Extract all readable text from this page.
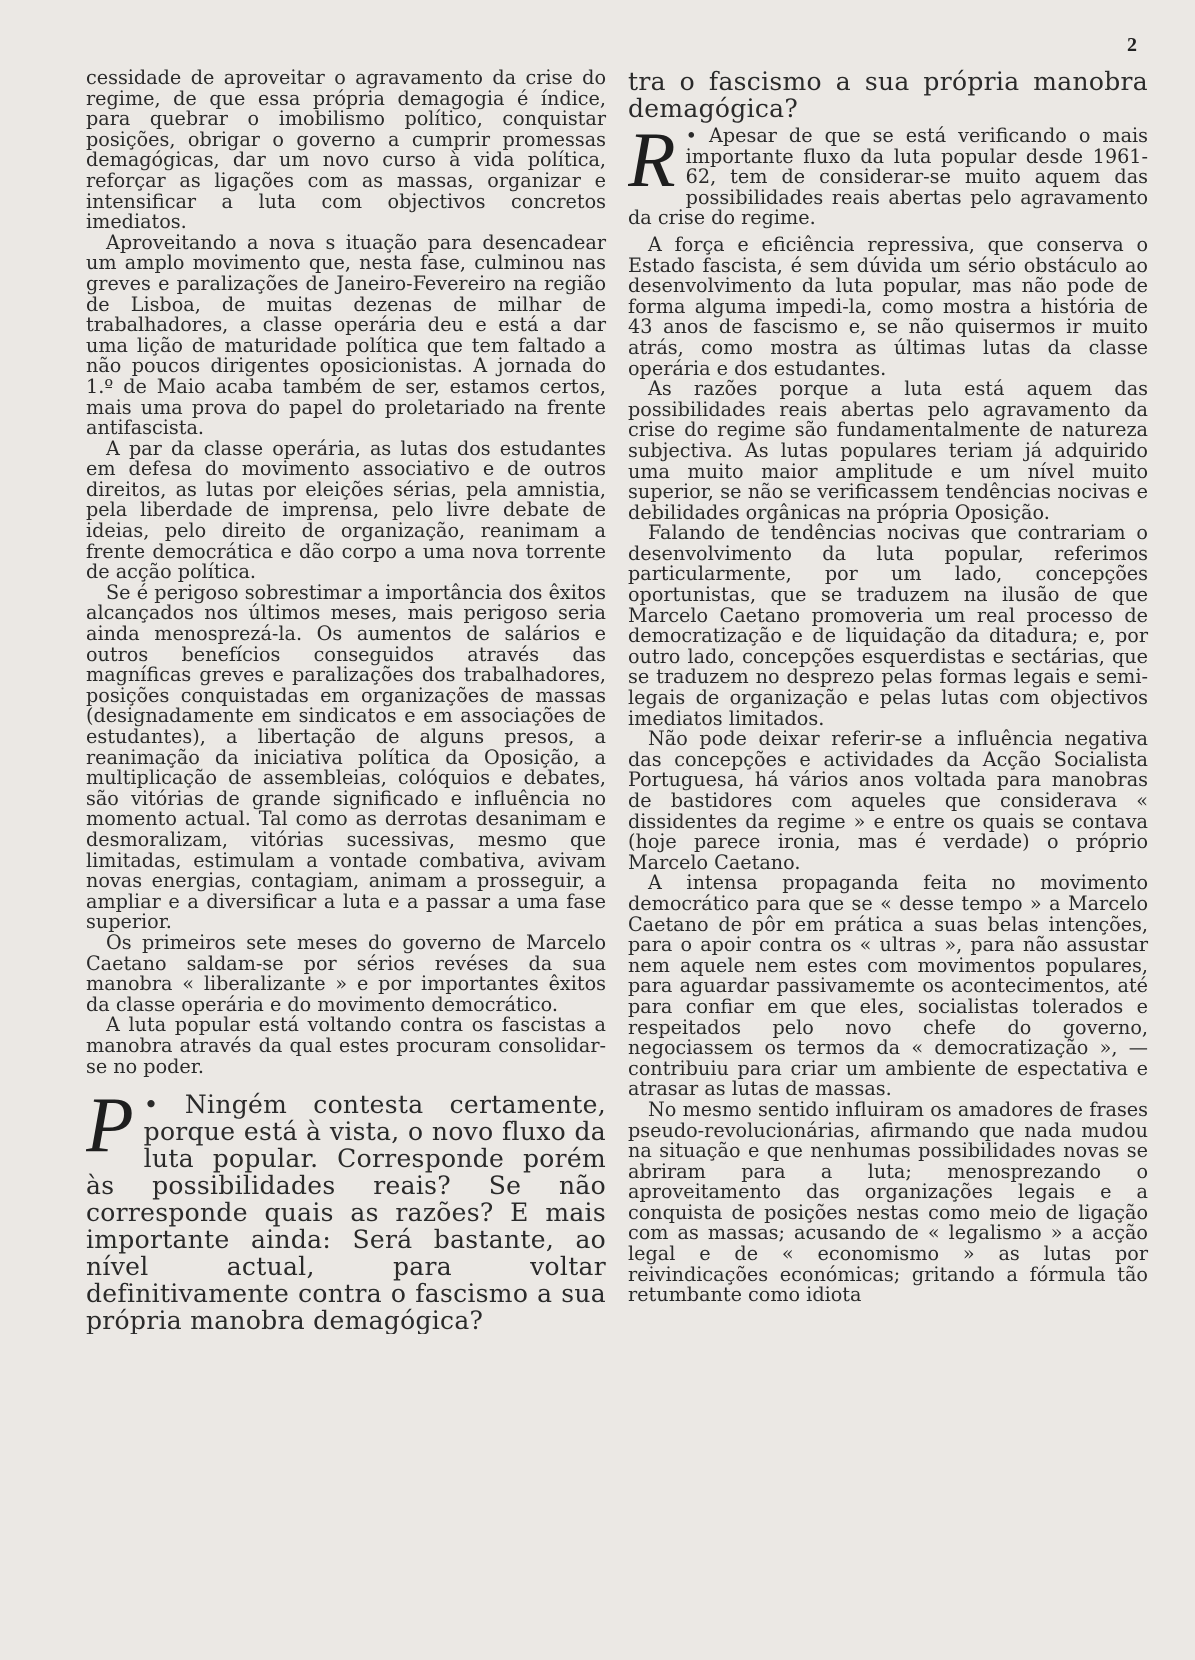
2

cessidade de aproveitar o agravamento da crise do regime, de que essa própria demagogia é índice, para quebrar o imobilismo político, conquistar posições, obrigar o governo a cumprir promessas demagógicas, dar um novo curso à vida política, reforçar as ligações com as massas, organizar e intensificar a luta com objectivos concretos imediatos.

Aproveitando a nova s ituação para desencadear um amplo movimento que, nesta fase, culminou nas greves e paralizações de Janeiro-Fevereiro na região de Lisboa, de muitas dezenas de milhar de trabalhadores, a classe operária deu e está a dar uma lição de maturidade política que tem faltado a não poucos dirigentes oposicionistas. A jornada do 1.º de Maio acaba também de ser, estamos certos, mais uma prova do papel do proletariado na frente antifascista.

A par da classe operária, as lutas dos estudantes em defesa do movimento associativo e de outros direitos, as lutas por eleições sérias, pela amnistia, pela liberdade de imprensa, pelo livre debate de ideias, pelo direito de organização, reanimam a frente democrática e dão corpo a uma nova torrente de acção política.

Se é perigoso sobrestimar a importância dos êxitos alcançados nos últimos meses, mais perigoso seria ainda menosprezá-la. Os aumentos de salários e outros benefícios conseguidos através das magníficas greves e paralizações dos trabalhadores, posições conquistadas em organizações de massas (designadamente em sindicatos e em associações de estudantes), a libertação de alguns presos, a reanimação da iniciativa política da Oposição, a multiplicação de assembleias, colóquios e debates, são vitórias de grande significado e influência no momento actual. Tal como as derrotas desanimam e desmoralizam, vitórias sucessivas, mesmo que limitadas, estimulam a vontade combativa, avivam novas energias, contagiam, animam a prosseguir, a ampliar e a diversificar a luta e a passar a uma fase superior.

Os primeiros sete meses do governo de Marcelo Caetano saldam-se por sérios revéses da sua manobra « liberalizante » e por importantes êxitos da classe operária e do movimento democrático.

A luta popular está voltando contra os fascistas a manobra através da qual estes procuram consolidar-se no poder.

P • Ningém contesta certamente, porque está à vista, o novo fluxo da luta popular. Corresponde porém às possibilidades reais? Se não corresponde quais as razões? E mais importante ainda: Será bastante, ao nível actual, para voltar definitivamente contra o fascismo a sua própria manobra demagógica?

tra o fascismo a sua própria manobra demagógica?

R • Apesar de que se está verificando o mais importante fluxo da luta popular desde 1961-62, tem de considerar-se muito aquem das possibilidades reais abertas pelo agravamento da crise do regime.

A força e eficiência repressiva, que conserva o Estado fascista, é sem dúvida um sério obstáculo ao desenvolvimento da luta popular, mas não pode de forma alguma impedi-la, como mostra a história de 43 anos de fascismo e, se não quisermos ir muito atrás, como mostra as últimas lutas da classe operária e dos estudantes.

As razões porque a luta está aquem das possibilidades reais abertas pelo agravamento da crise do regime são fundamentalmente de natureza subjectiva. As lutas populares teriam já adquirido uma muito maior amplitude e um nível muito superior, se não se verificassem tendências nocivas e debilidades orgânicas na própria Oposição.

Falando de tendências nocivas que contrariam o desenvolvimento da luta popular, referimos particularmente, por um lado, concepções oportunistas, que se traduzem na ilusão de que Marcelo Caetano promoveria um real processo de democratização e de liquidação da ditadura; e, por outro lado, concepções esquerdistas e sectárias, que se traduzem no desprezo pelas formas legais e semi-legais de organização e pelas lutas com objectivos imediatos limitados.

Não pode deixar referir-se a influência negativa das concepções e actividades da Acção Socialista Portuguesa, há vários anos voltada para manobras de bastidores com aqueles que considerava « dissidentes da regime » e entre os quais se contava (hoje parece ironia, mas é verdade) o próprio Marcelo Caetano.

A intensa propaganda feita no movimento democrático para que se « desse tempo » a Marcelo Caetano de pôr em prática a suas belas intenções, para o apoir contra os « ultras », para não assustar nem aquele nem estes com movimentos populares, para aguardar passivamemte os acontecimentos, até para confiar em que eles, socialistas tolerados e respeitados pelo novo chefe do governo, negociassem os termos da « democratização », — contribuiu para criar um ambiente de espectativa e atrasar as lutas de massas.

No mesmo sentido influiram os amadores de frases pseudo-revolucionárias, afirmando que nada mudou na situação e que nenhumas possibilidades novas se abriram para a luta; menosprezando o aproveitamento das organizações legais e a conquista de posições nestas como meio de ligação com as massas; acusando de « legalismo » a acção legal e de « economismo » as lutas por reivindicações económicas; gritando a fórmula tão retumbante como idiota
